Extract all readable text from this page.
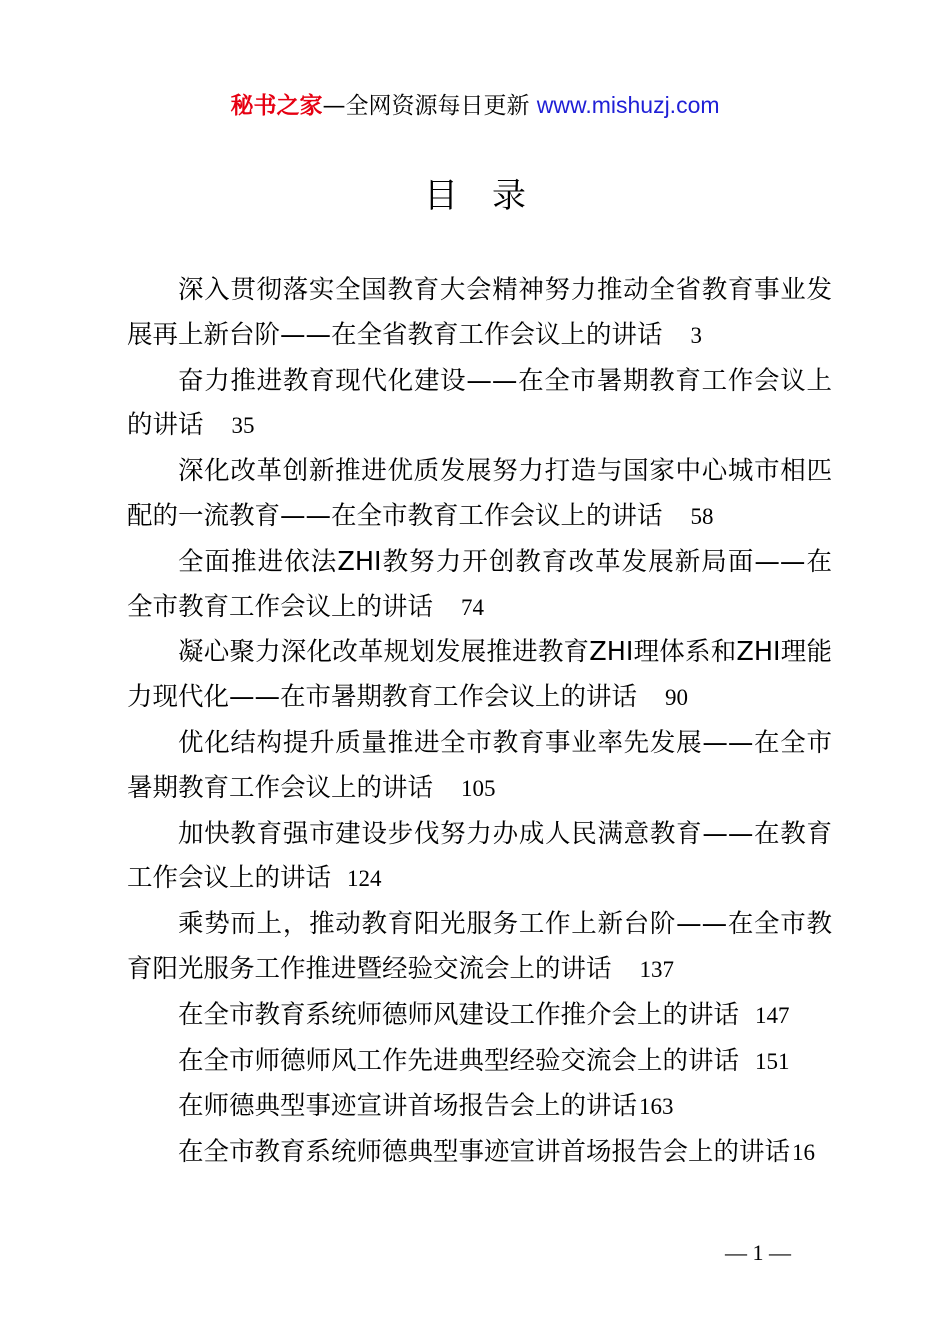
秘书之家—全网资源每日更新 www.mishuzj.com
目录
深入贯彻落实全国教育大会精神努力推动全省教育事业发展再上新台阶——在全省教育工作会议上的讲话 3
奋力推进教育现代化建设——在全市暑期教育工作会议上的讲话 35
深化改革创新推进优质发展努力打造与国家中心城市相匹配的一流教育——在全市教育工作会议上的讲话 58
全面推进依法ZHI教努力开创教育改革发展新局面——在全市教育工作会议上的讲话 74
凝心聚力深化改革规划发展推进教育ZHI理体系和ZHI理能力现代化——在市暑期教育工作会议上的讲话 90
优化结构提升质量推进全市教育事业率先发展——在全市暑期教育工作会议上的讲话 105
加快教育强市建设步伐努力办成人民满意教育——在教育工作会议上的讲话 124
乘势而上，推动教育阳光服务工作上新台阶——在全市教育阳光服务工作推进暨经验交流会上的讲话 137
在全市教育系统师德师风建设工作推介会上的讲话 147
在全市师德师风工作先进典型经验交流会上的讲话 151
在师德典型事迹宣讲首场报告会上的讲话163
在全市教育系统师德典型事迹宣讲首场报告会上的讲话16
— 1 —
